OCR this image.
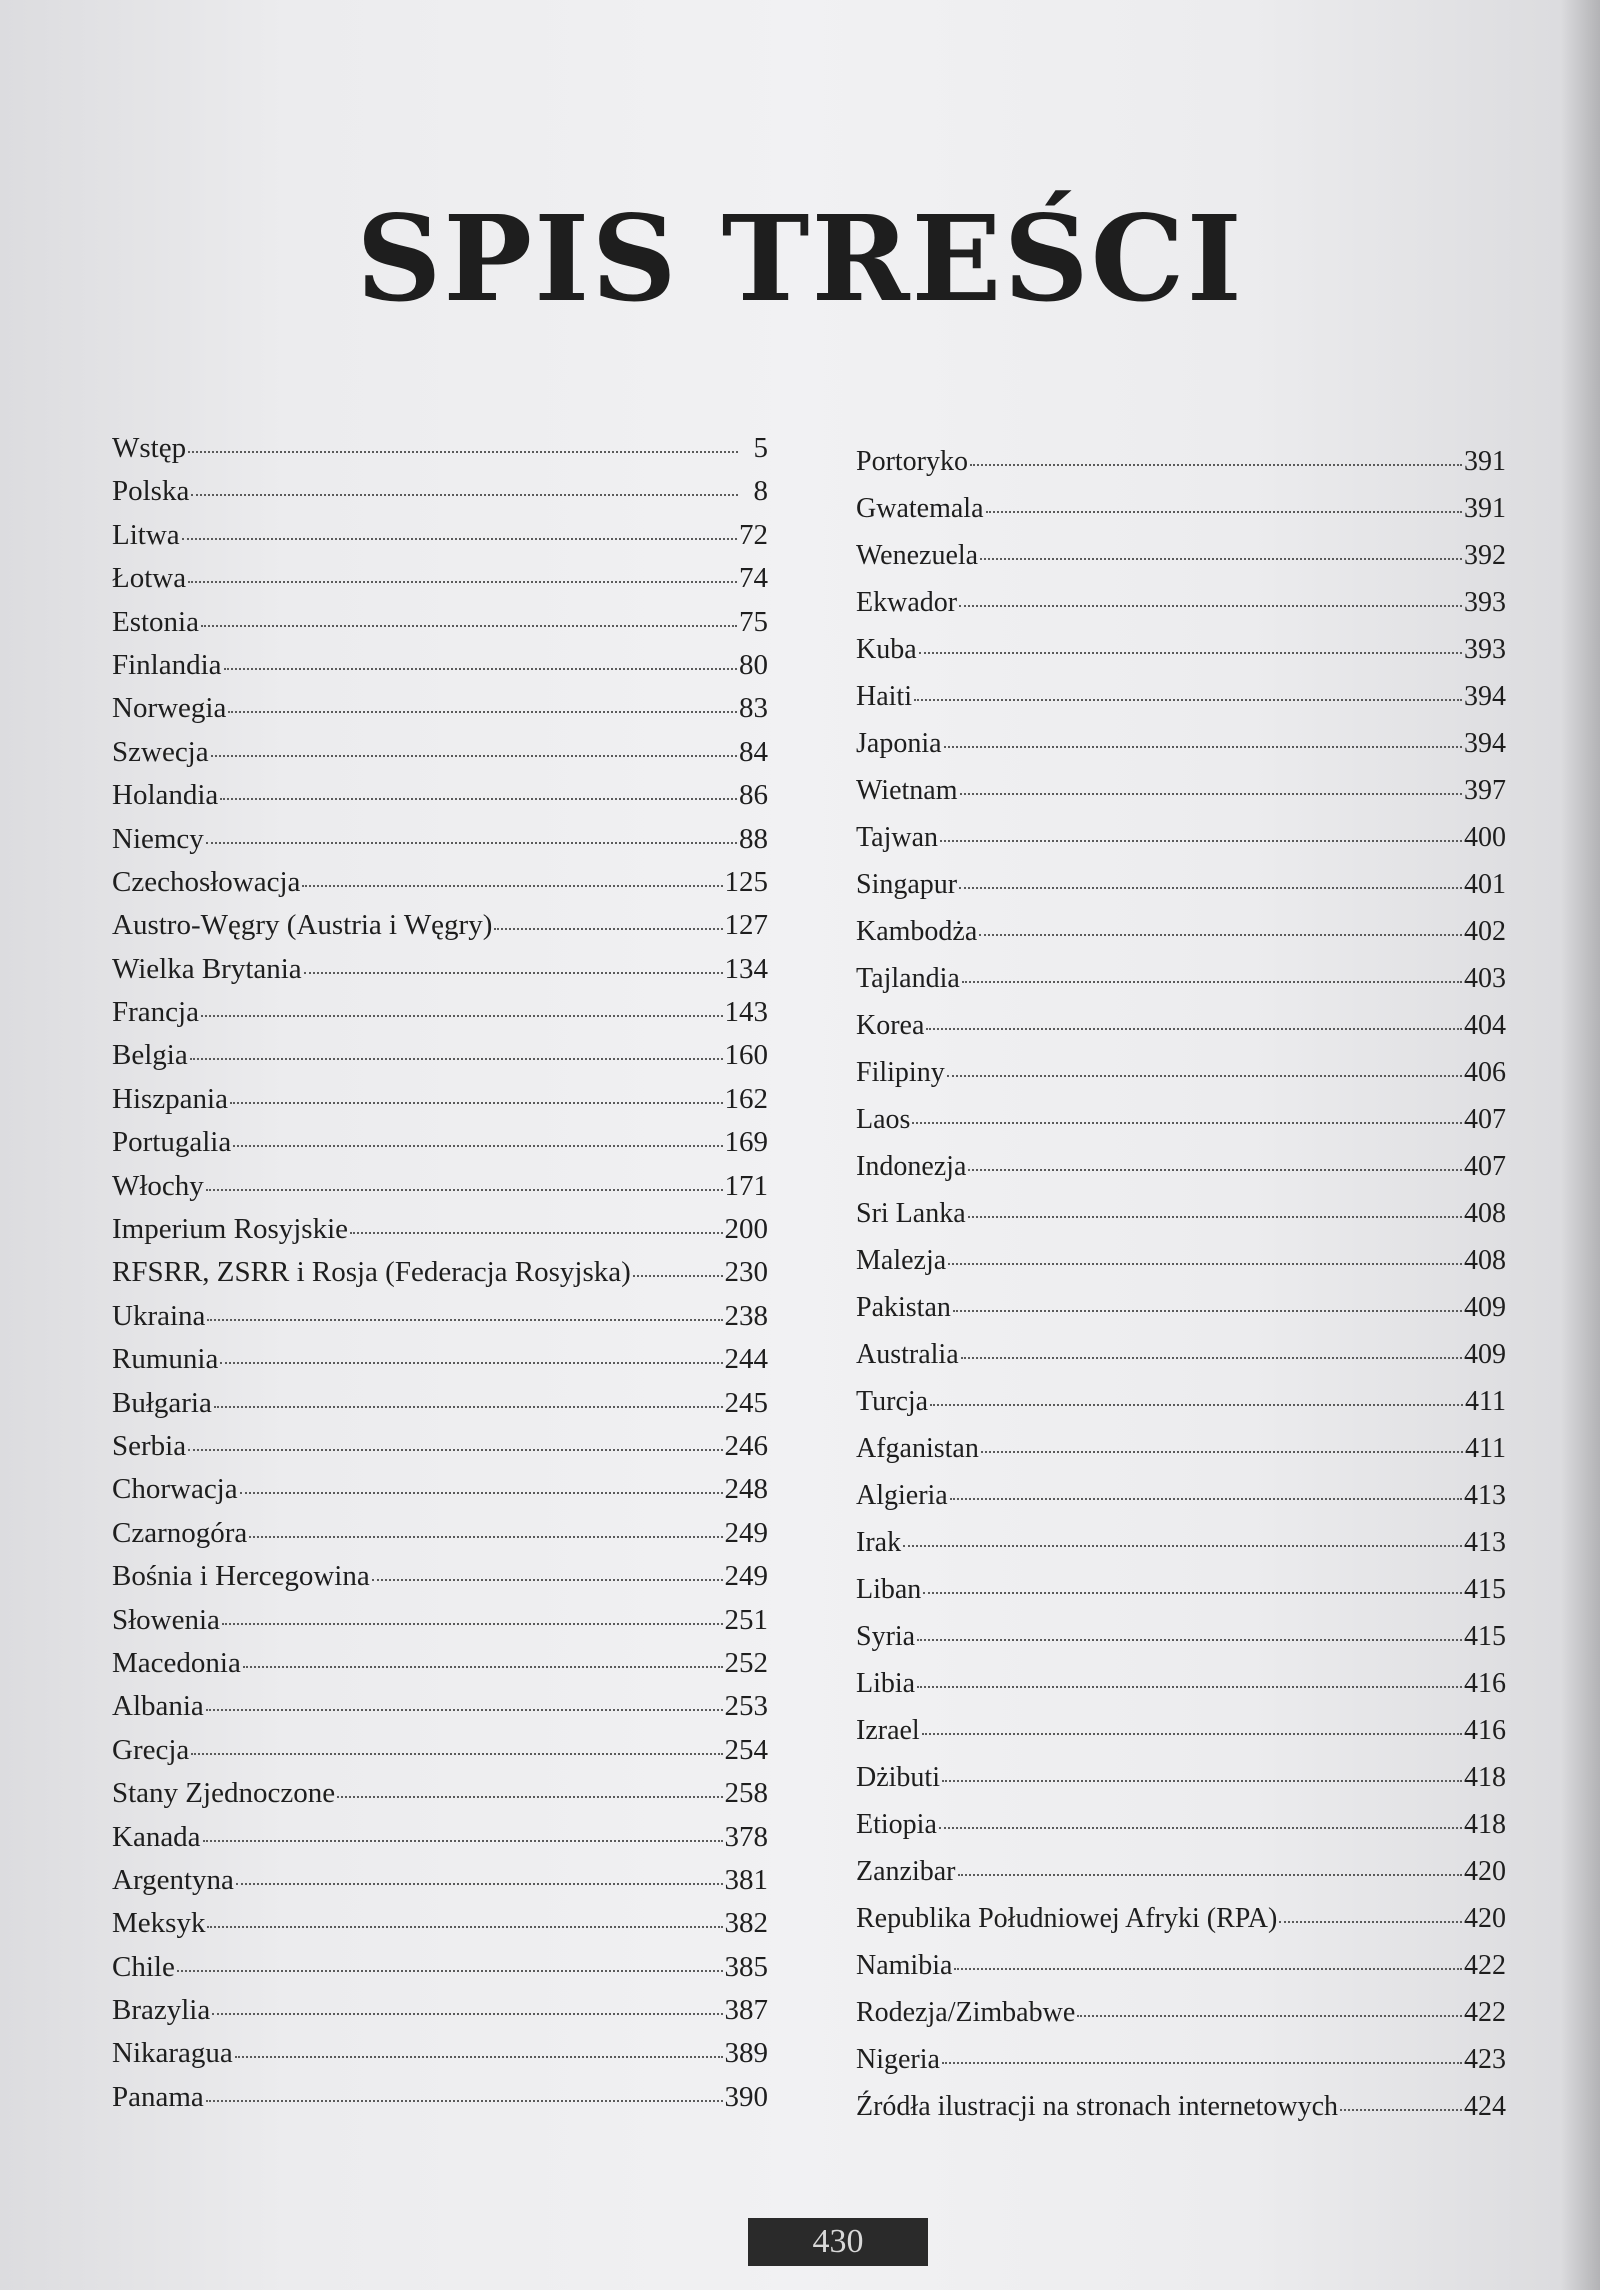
SPIS TREŚCI
Wstęp	5
Polska	8
Litwa	72
Łotwa	74
Estonia	75
Finlandia	80
Norwegia	83
Szwecja	84
Holandia	86
Niemcy	88
Czechosłowacja	125
Austro-Węgry (Austria i Węgry)	127
Wielka Brytania	134
Francja	143
Belgia	160
Hiszpania	162
Portugalia	169
Włochy	171
Imperium Rosyjskie	200
RFSRR, ZSRR i Rosja (Federacja Rosyjska)	230
Ukraina	238
Rumunia	244
Bułgaria	245
Serbia	246
Chorwacja	248
Czarnogóra	249
Bośnia i Hercegowina	249
Słowenia	251
Macedonia	252
Albania	253
Grecja	254
Stany Zjednoczone	258
Kanada	378
Argentyna	381
Meksyk	382
Chile	385
Brazylia	387
Nikaragua	389
Panama	390
Portoryko	391
Gwatemala	391
Wenezuela	392
Ekwador	393
Kuba	393
Haiti	394
Japonia	394
Wietnam	397
Tajwan	400
Singapur	401
Kambodża	402
Tajlandia	403
Korea	404
Filipiny	406
Laos	407
Indonezja	407
Sri Lanka	408
Malezja	408
Pakistan	409
Australia	409
Turcja	411
Afganistan	411
Algieria	413
Irak	413
Liban	415
Syria	415
Libia	416
Izrael	416
Dżibuti	418
Etiopia	418
Zanzibar	420
Republika Południowej Afryki (RPA)	420
Namibia	422
Rodezja/Zimbabwe	422
Nigeria	423
Źródła ilustracji na stronach internetowych	424
430
